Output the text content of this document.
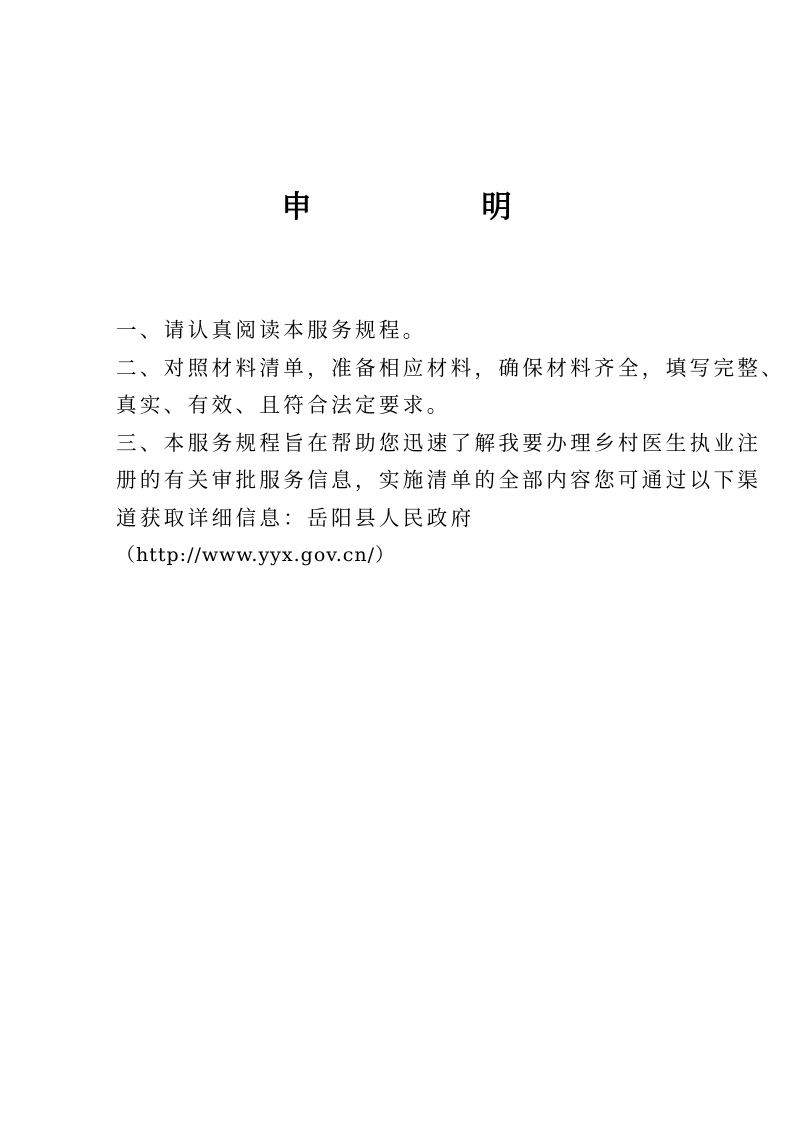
申　明

一、请认真阅读本服务规程。

二、对照材料清单，准备相应材料，确保材料齐全，填写完整、

真实、有效、且符合法定要求。

三、本服务规程旨在帮助您迅速了解我要办理乡村医生执业注

册的有关审批服务信息，实施清单的全部内容您可通过以下渠

道获取详细信息：岳阳县人民政府

（http://www.yyx.gov.cn/）
